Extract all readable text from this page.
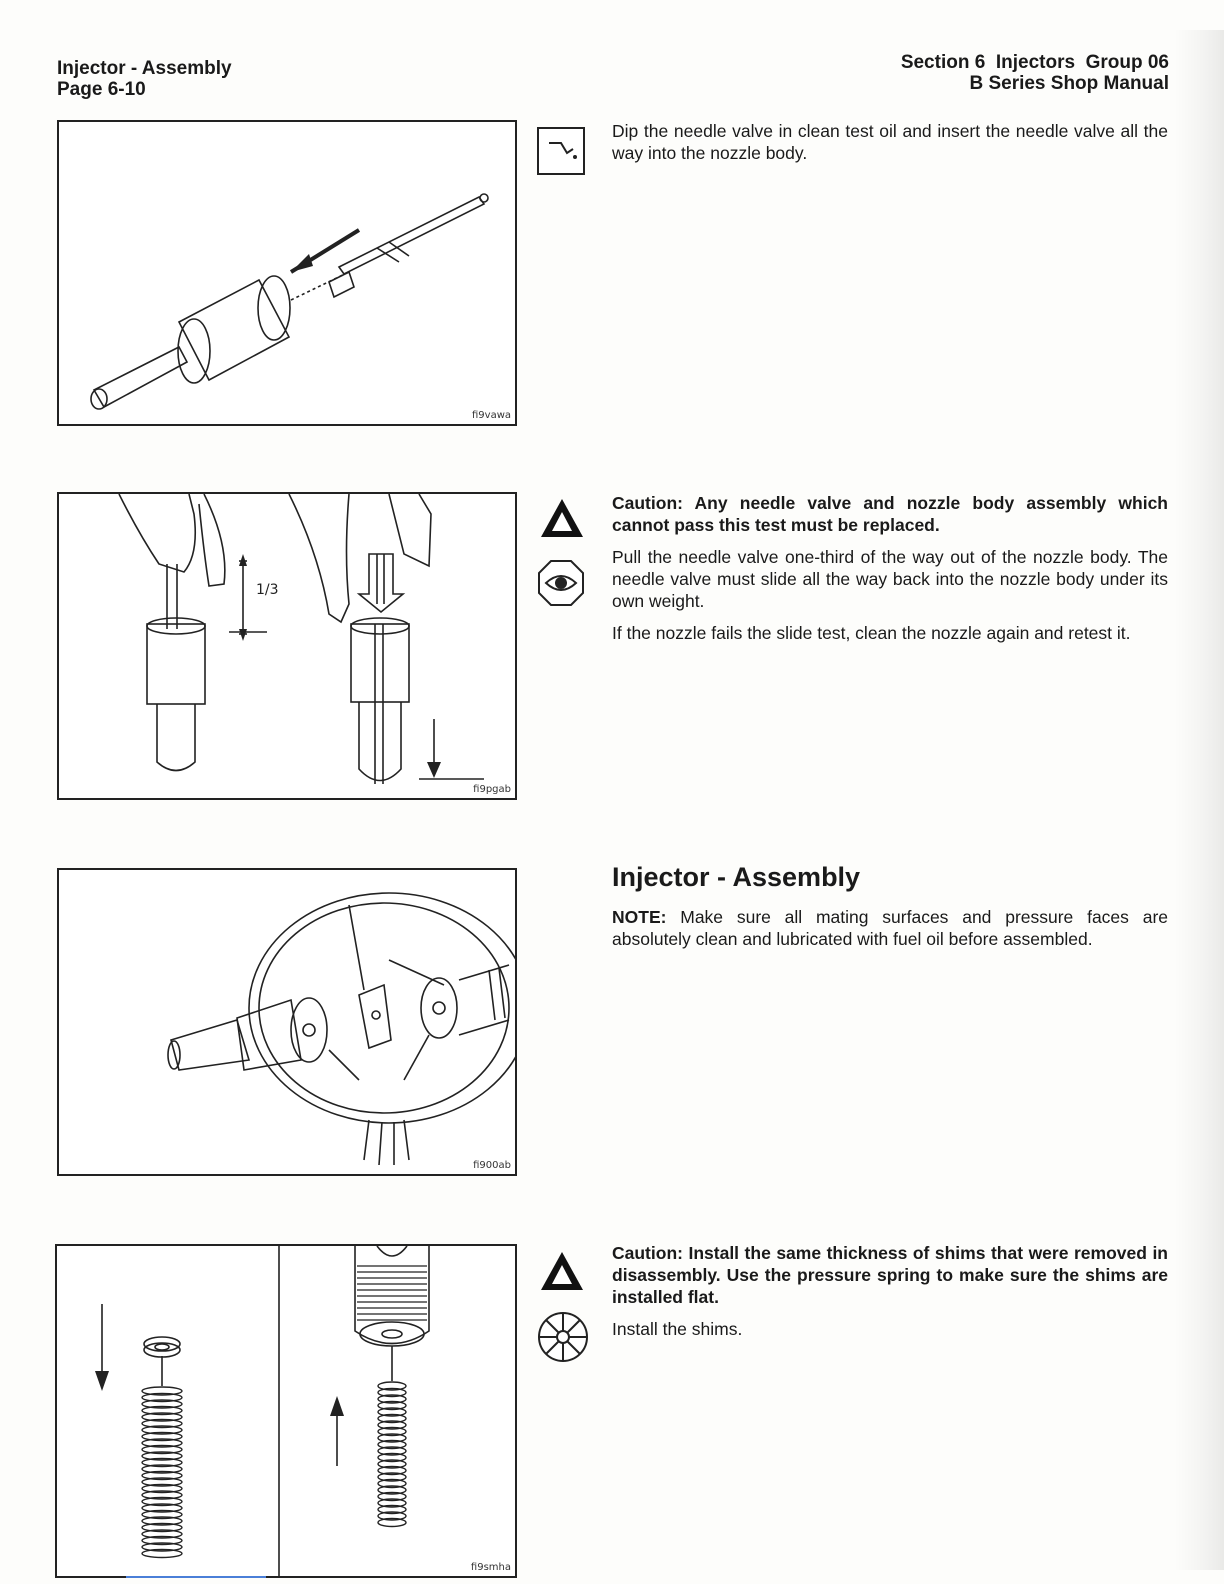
Injector - Assembly
Page 6-10
Section 6  Injectors  Group 06
B Series Shop Manual
fi9vawa
1/3
fi9pgab
fi900ab
fi9smha

Dip the needle valve in clean test oil and insert the needle valve all the way into the nozzle body.

Caution: Any needle valve and nozzle body assembly which cannot pass this test must be replaced.

Pull the needle valve one-third of the way out of the nozzle body. The needle valve must slide all the way back into the nozzle body under its own weight.

If the nozzle fails the slide test, clean the nozzle again and retest it.

Injector - Assembly

NOTE: Make sure all mating surfaces and pressure faces are absolutely clean and lubricated with fuel oil before assembled.

Caution: Install the same thickness of shims that were removed in disassembly. Use the pressure spring to make sure the shims are installed flat.

Install the shims.
